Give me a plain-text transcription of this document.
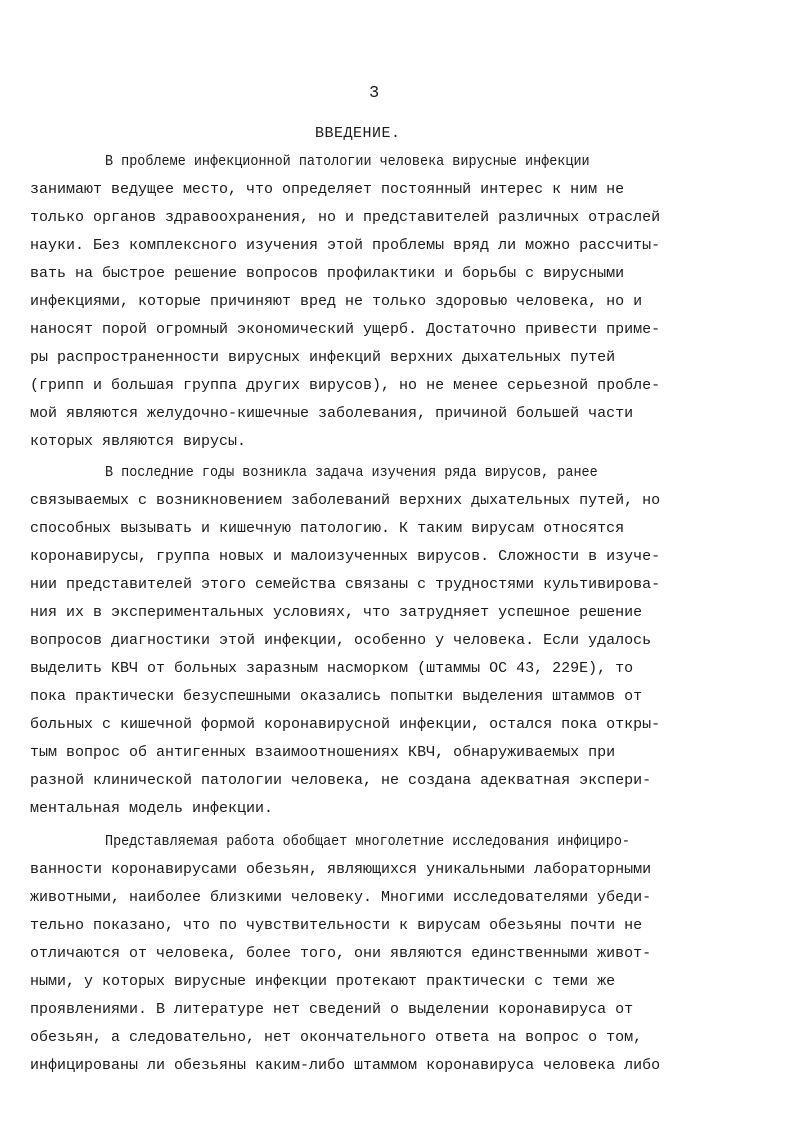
3
ВВЕДЕНИЕ.
В проблеме инфекционной патологии человека вирусные инфекции
занимают ведущее место, что определяет постоянный интерес к ним не
только органов здравоохранения, но и представителей различных отраслей
науки. Без комплексного изучения этой проблемы вряд ли можно рассчиты-
вать на быстрое решение вопросов профилактики и борьбы с вирусными
инфекциями, которые причиняют вред не только здоровью человека, но и
наносят порой огромный экономический ущерб. Достаточно привести приме-
ры распространенности вирусных инфекций верхних дыхательных путей
(грипп и большая группа других вирусов), но не менее серьезной пробле-
мой являются желудочно-кишечные заболевания, причиной большей части
которых являются вирусы.
В последние годы возникла задача изучения ряда вирусов, ранее
связываемых с возникновением заболеваний верхних дыхательных путей, но
способных вызывать и кишечную патологию. К таким вирусам относятся
коронавирусы, группа новых и малоизученных вирусов. Сложности в изуче-
нии представителей этого семейства связаны с трудностями культивирова-
ния их в экспериментальных условиях, что затрудняет успешное решение
вопросов диагностики этой инфекции, особенно у человека. Если удалось
выделить КВЧ от больных заразным насморком (штаммы ОС 43, 229Е), то
пока практически безуспешными оказались попытки выделения штаммов от
больных с кишечной формой коронавирусной инфекции, остался пока откры-
тым вопрос об антигенных взаимоотношениях КВЧ, обнаруживаемых при
разной клинической патологии человека, не создана адекватная экспери-
ментальная модель инфекции.
Представляемая работа обобщает многолетние исследования инфициро-
ванности коронавирусами обезьян, являющихся уникальными лабораторными
животными, наиболее близкими человеку. Многими исследователями убеди-
тельно показано, что по чувствительности к вирусам обезьяны почти не
отличаются от человека, более того, они являются единственными живот-
ными, у которых вирусные инфекции протекают практически с теми же
проявлениями. В литературе нет сведений о выделении коронавируса от
обезьян, а следовательно, нет окончательного ответа на вопрос о том,
инфицированы ли обезьяны каким-либо штаммом коронавируса человека либо
